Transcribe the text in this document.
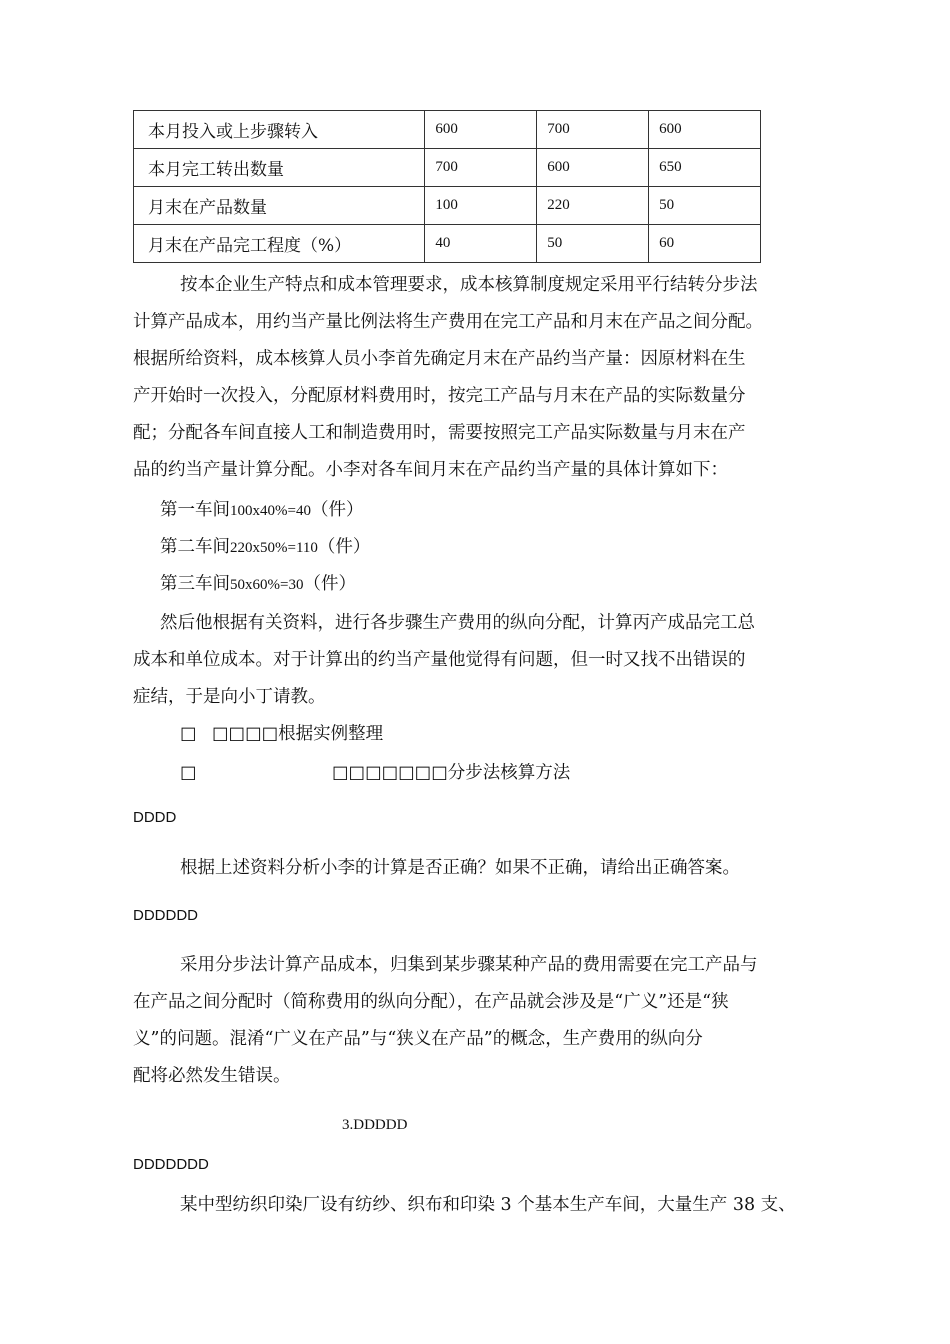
本月投入或上步骤转入	600	700	600
本月完工转出数量	700	600	650
月末在产品数量	100	220	50
月末在产品完工程度（%）	40	50	60
按本企业生产特点和成本管理要求，成本核算制度规定采用平行结转分步法
计算产品成本，用约当产量比例法将生产费用在完工产品和月末在产品之间分配。
根据所给资料，成本核算人员小李首先确定月末在产品约当产量：因原材料在生
产开始时一次投入，分配原材料费用时，按完工产品与月末在产品的实际数量分
配；分配各车间直接人工和制造费用时，需要按照完工产品实际数量与月末在产
品的约当产量计算分配。小李对各车间月末在产品约当产量的具体计算如下：
第一车间100x40%=40（件）
第二车间220x50%=110（件）
第三车间50x60%=30（件）
然后他根据有关资料，进行各步骤生产费用的纵向分配，计算丙产成品完工总
成本和单位成本。对于计算出的约当产量他觉得有问题，但一时又找不出错误的
症结，于是向小丁请教。
□ □□□□根据实例整理
□	□□□□□□□分步法核算方法
DDDD
根据上述资料分析小李的计算是否正确？如果不正确，请给出正确答案。
DDDDDD
采用分步法计算产品成本，归集到某步骤某种产品的费用需要在完工产品与
在产品之间分配时（简称费用的纵向分配），在产品就会涉及是“广义”还是“狭
义”的问题。混淆“广义在产品”与“狭义在产品”的概念，生产费用的纵向分
配将必然发生错误。
3.DDDDD
DDDDDDD
某中型纺织印染厂设有纺纱、织布和印染 3 个基本生产车间，大量生产 38 支、
